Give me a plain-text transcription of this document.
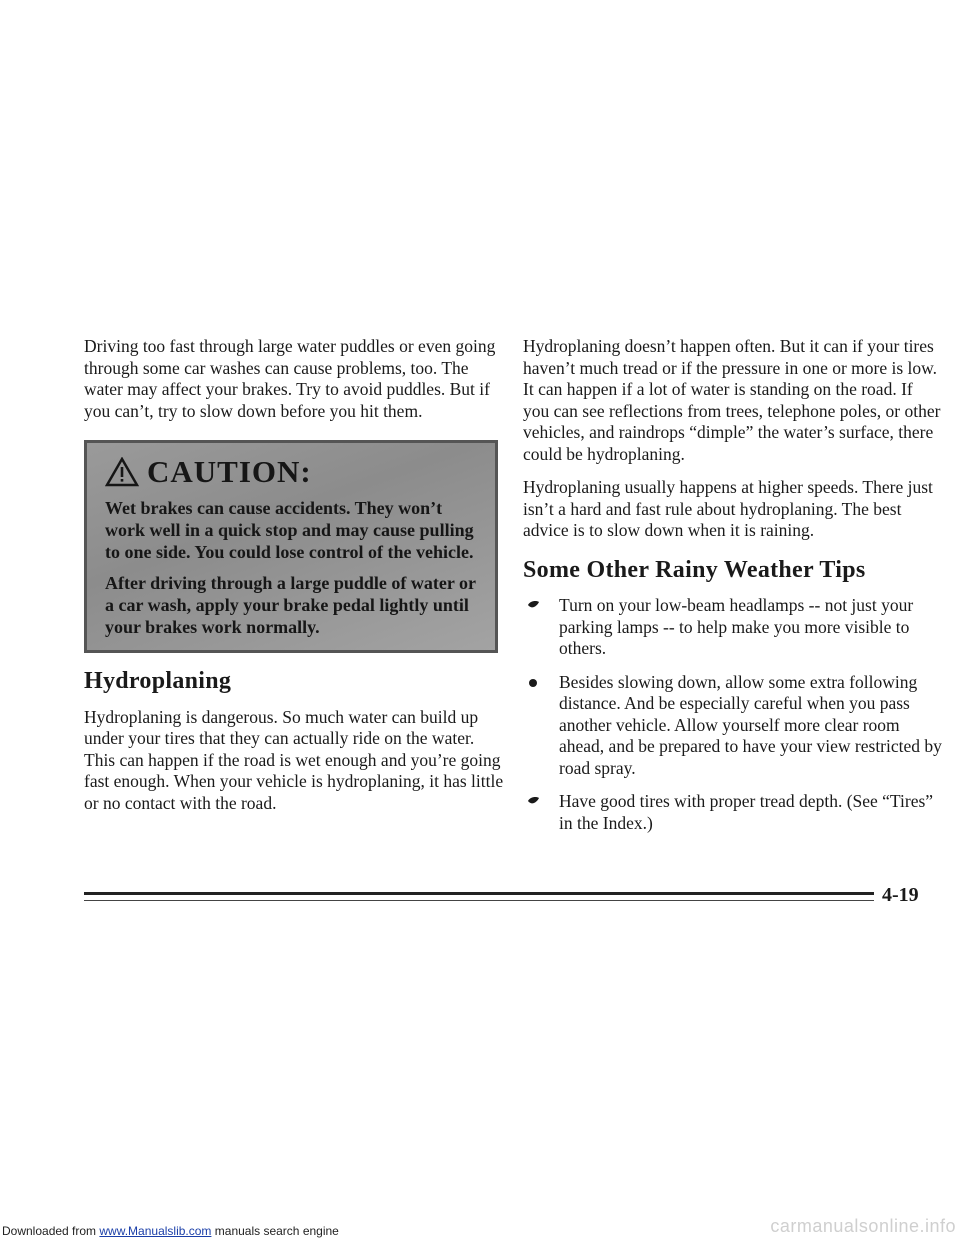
Driving too fast through large water puddles or even going through some car washes can cause problems, too. The water may affect your brakes. Try to avoid puddles. But if you can’t, try to slow down before you hit them.

CAUTION:

Wet brakes can cause accidents. They won’t work well in a quick stop and may cause pulling to one side. You could lose control of the vehicle.

After driving through a large puddle of water or a car wash, apply your brake pedal lightly until your brakes work normally.

Hydroplaning

Hydroplaning is dangerous. So much water can build up under your tires that they can actually ride on the water. This can happen if the road is wet enough and you’re going fast enough. When your vehicle is hydroplaning, it has little or no contact with the road.

Hydroplaning doesn’t happen often. But it can if your tires haven’t much tread or if the pressure in one or more is low. It can happen if a lot of water is standing on the road. If you can see reflections from trees, telephone poles, or other vehicles, and raindrops “dimple” the water’s surface, there could be hydroplaning.

Hydroplaning usually happens at higher speeds. There just isn’t a hard and fast rule about hydroplaning. The best advice is to slow down when it is raining.

Some Other Rainy Weather Tips
Turn on your low-beam headlamps -- not just your parking lamps -- to help make you more visible to others.
Besides slowing down, allow some extra following distance. And be especially careful when you pass another vehicle. Allow yourself more clear room ahead, and be prepared to have your view restricted by road spray.
Have good tires with proper tread depth. (See “Tires” in the Index.)
4-19
Downloaded from www.Manualslib.com manuals search engine	carmanualsonline.info
